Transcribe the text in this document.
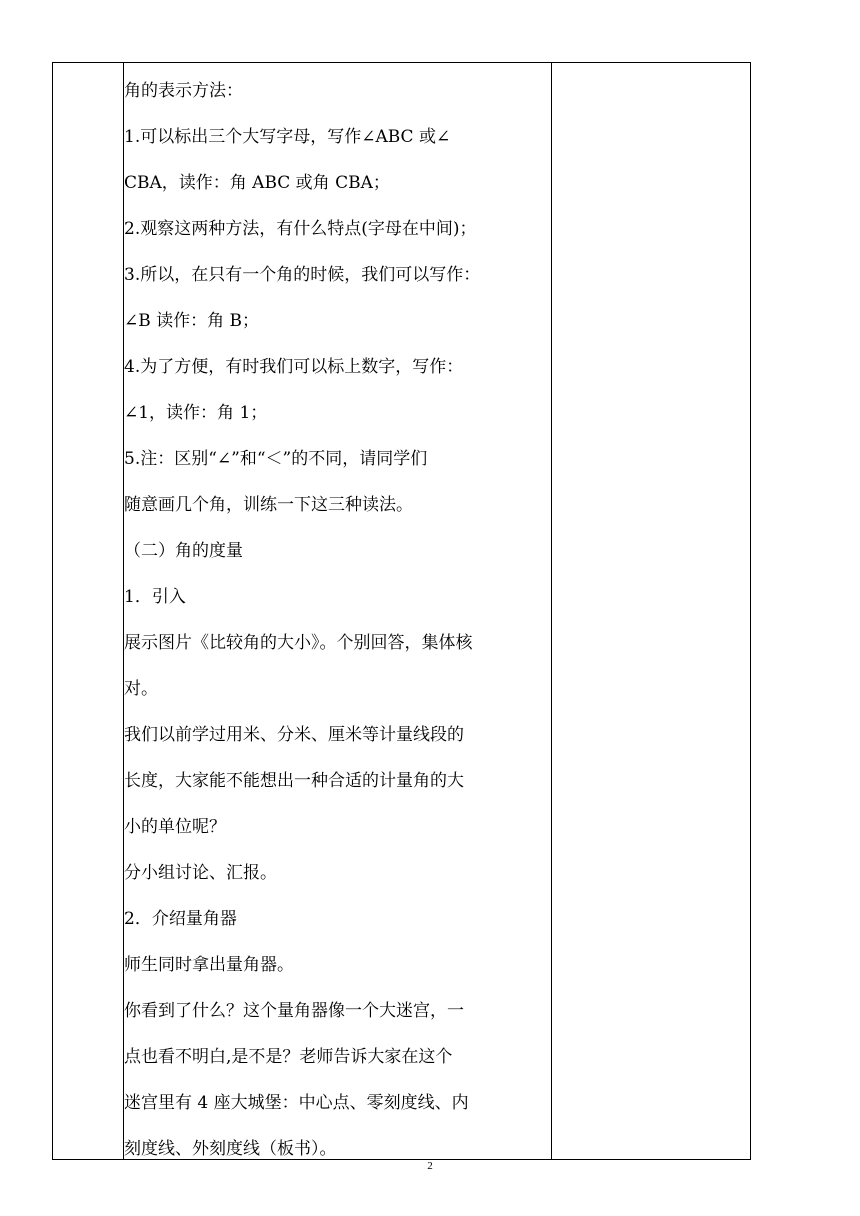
角的表示方法：

1.可以标出三个大写字母，写作∠ABC 或∠

CBA，读作：角 ABC 或角 CBA；

2.观察这两种方法，有什么特点(字母在中间)；

3.所以，在只有一个角的时候，我们可以写作：

∠B 读作：角 B；

4.为了方便，有时我们可以标上数字，写作：

∠1，读作：角 1；

5.注：区别“∠”和“＜”的不同，请同学们

随意画几个角，训练一下这三种读法。

（二）角的度量

1．引入

展示图片《比较角的大小》。个别回答，集体核

对。

我们以前学过用米、分米、厘米等计量线段的

长度，大家能不能想出一种合适的计量角的大

小的单位呢？

分小组讨论、汇报。

2．介绍量角器

师生同时拿出量角器。

你看到了什么？这个量角器像一个大迷宫，一

点也看不明白,是不是？老师告诉大家在这个

迷宫里有 4 座大城堡：中心点、零刻度线、内

刻度线、外刻度线（板书）。

2
